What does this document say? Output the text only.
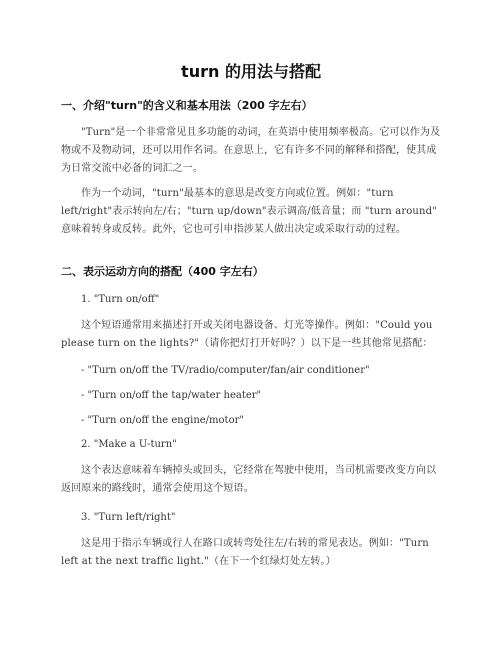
turn 的用法与搭配
一、介绍"turn"的含义和基本用法（200 字左右）
"Turn"是一个非常常见且多功能的动词，在英语中使用频率极高。它可以作为及物或不及物动词，还可以用作名词。在意思上，它有许多不同的解释和搭配，使其成为日常交流中必备的词汇之一。
作为一个动词，"turn"最基本的意思是改变方向或位置。例如："turn left/right"表示转向左/右；"turn up/down"表示调高/低音量；而 "turn around" 意味着转身或反转。此外，它也可引申指涉某人做出决定或采取行动的过程。
二、表示运动方向的搭配（400 字左右）
1. "Turn on/off"
这个短语通常用来描述打开或关闭电器设备、灯光等操作。例如："Could you please turn on the lights?"（请你把灯打开好吗？）以下是一些其他常见搭配：
- "Turn on/off the TV/radio/computer/fan/air conditioner"
- "Turn on/off the tap/water heater"
- "Turn on/off the engine/motor"
2. "Make a U-turn"
这个表达意味着车辆掉头或回头，它经常在驾驶中使用，当司机需要改变方向以返回原来的路线时，通常会使用这个短语。
3. "Turn left/right"
这是用于指示车辆或行人在路口或转弯处往左/右转的常见表达。例如："Turn left at the next traffic light."（在下一个红绿灯处左转。）
